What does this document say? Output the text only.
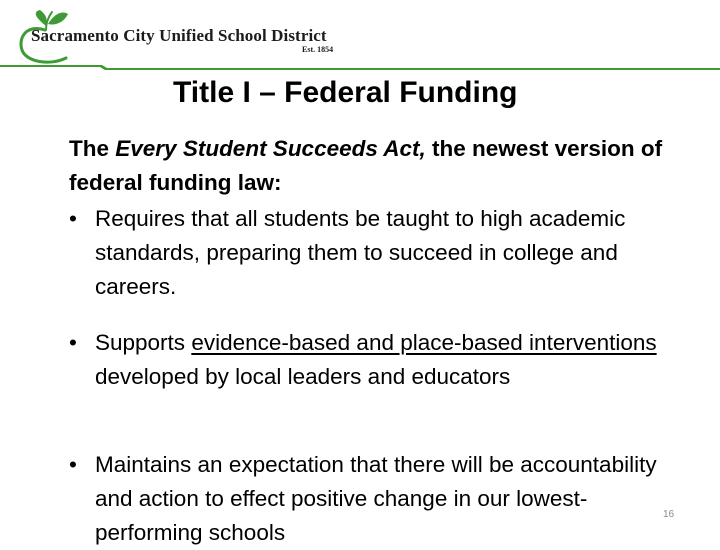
Sacramento City Unified School District
Est. 1854
Title I – Federal Funding

The Every Student Succeeds Act, the newest version of federal funding law:

• Requires that all students be taught to high academic standards, preparing them to succeed in college and careers.
• Supports evidence-based and place-based interventions developed by local leaders and educators
• Maintains an expectation that there will be accountability and action to effect positive change in our lowest-performing schools
16
